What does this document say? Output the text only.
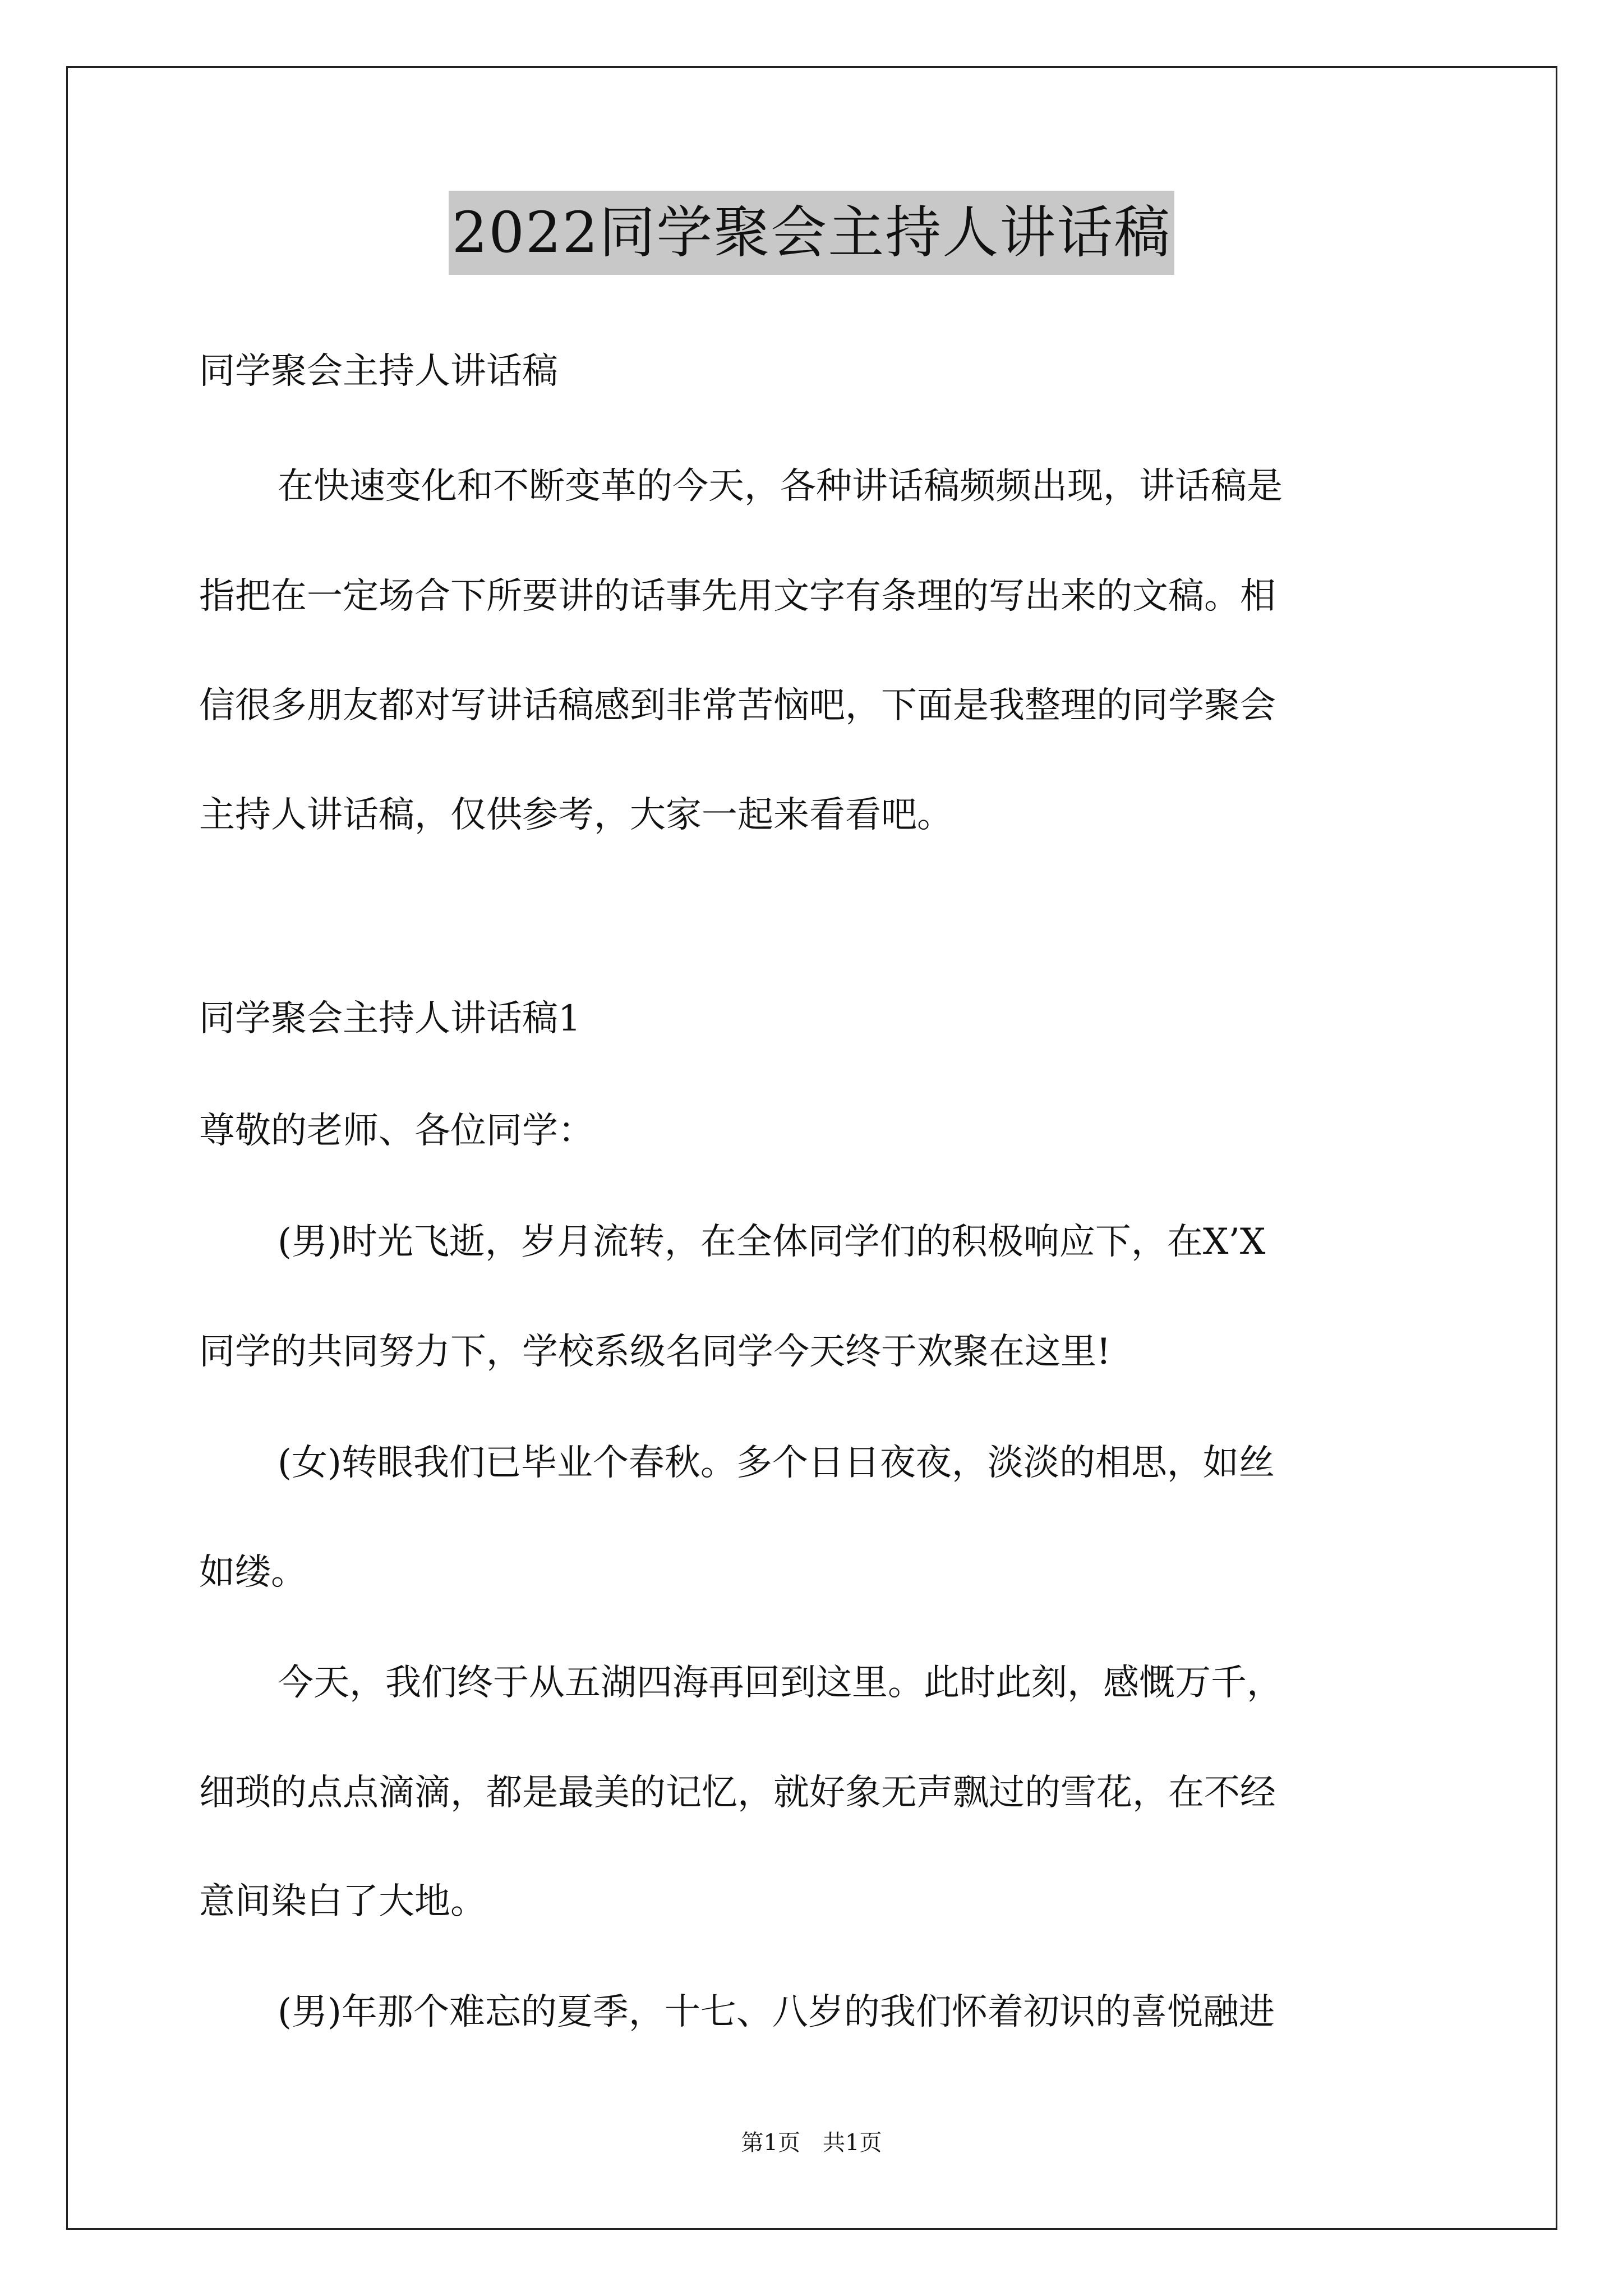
2022同学聚会主持人讲话稿
同学聚会主持人讲话稿
在快速变化和不断变革的今天，各种讲话稿频频出现，讲话稿是
指把在一定场合下所要讲的话事先用文字有条理的写出来的文稿。相
信很多朋友都对写讲话稿感到非常苦恼吧，下面是我整理的同学聚会
主持人讲话稿，仅供参考，大家一起来看看吧。
同学聚会主持人讲话稿1
尊敬的老师、各位同学：
(男)时光飞逝，岁月流转，在全体同学们的积极响应下，在X’X
同学的共同努力下，学校系级名同学今天终于欢聚在这里!
(女)转眼我们已毕业个春秋。多个日日夜夜，淡淡的相思，如丝
如缕。
今天，我们终于从五湖四海再回到这里。此时此刻，感慨万千，
细琐的点点滴滴，都是最美的记忆，就好象无声飘过的雪花，在不经
意间染白了大地。
(男)年那个难忘的夏季，十七、八岁的我们怀着初识的喜悦融进
第1页　共1页
